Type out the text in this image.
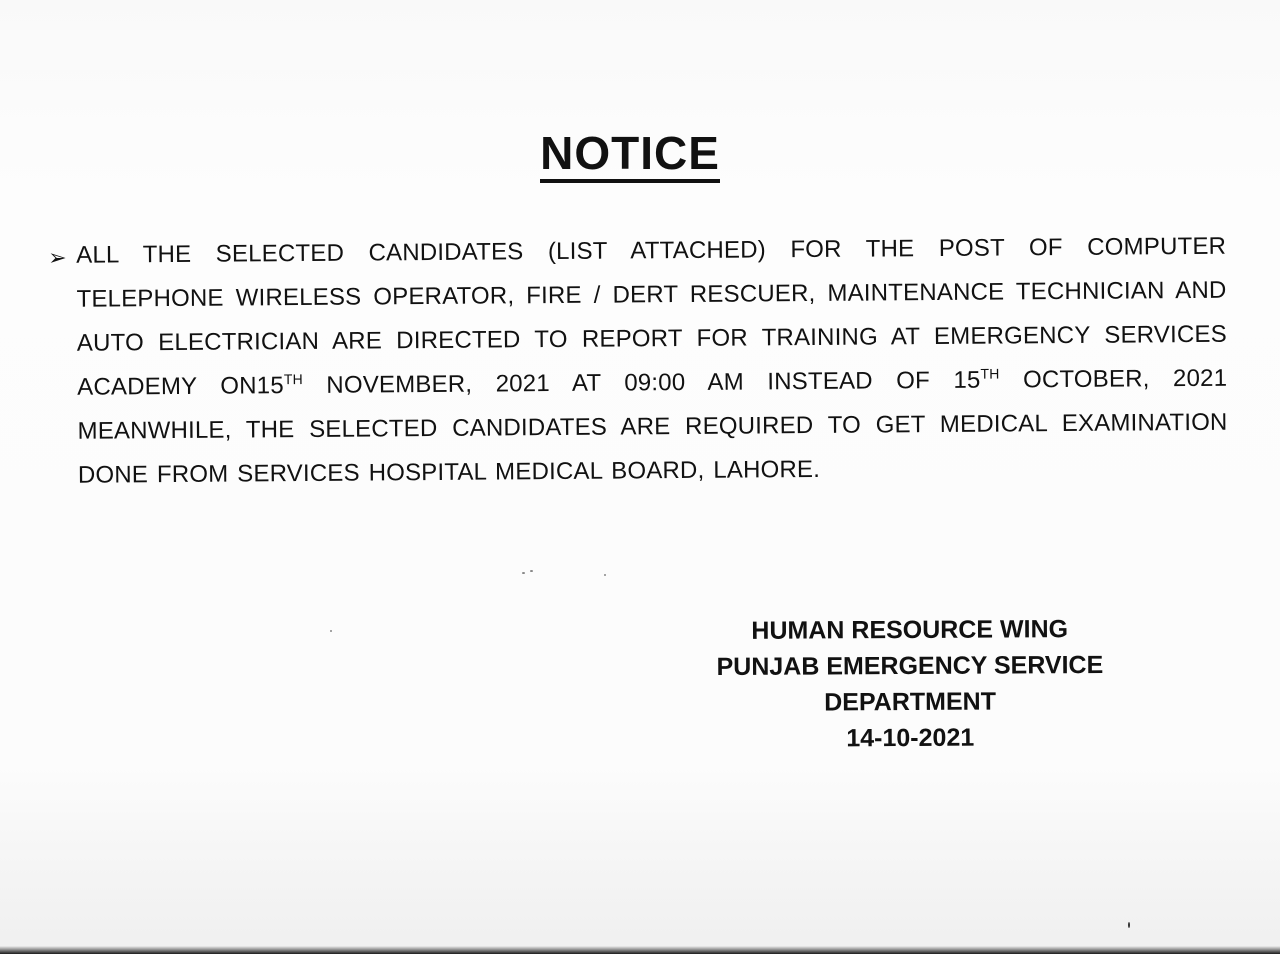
NOTICE
➢ ALL THE SELECTED CANDIDATES (LIST ATTACHED) FOR THE POST OF COMPUTER
TELEPHONE WIRELESS OPERATOR, FIRE / DERT RESCUER, MAINTENANCE TECHNICIAN AND
AUTO ELECTRICIAN ARE DIRECTED TO REPORT FOR TRAINING AT EMERGENCY SERVICES
ACADEMY ON15TH NOVEMBER, 2021 AT 09:00 AM INSTEAD OF 15TH OCTOBER, 2021
MEANWHILE, THE SELECTED CANDIDATES ARE REQUIRED TO GET MEDICAL EXAMINATION
DONE FROM SERVICES HOSPITAL MEDICAL BOARD, LAHORE.
HUMAN RESOURCE WING
PUNJAB EMERGENCY SERVICE
DEPARTMENT
14-10-2021
